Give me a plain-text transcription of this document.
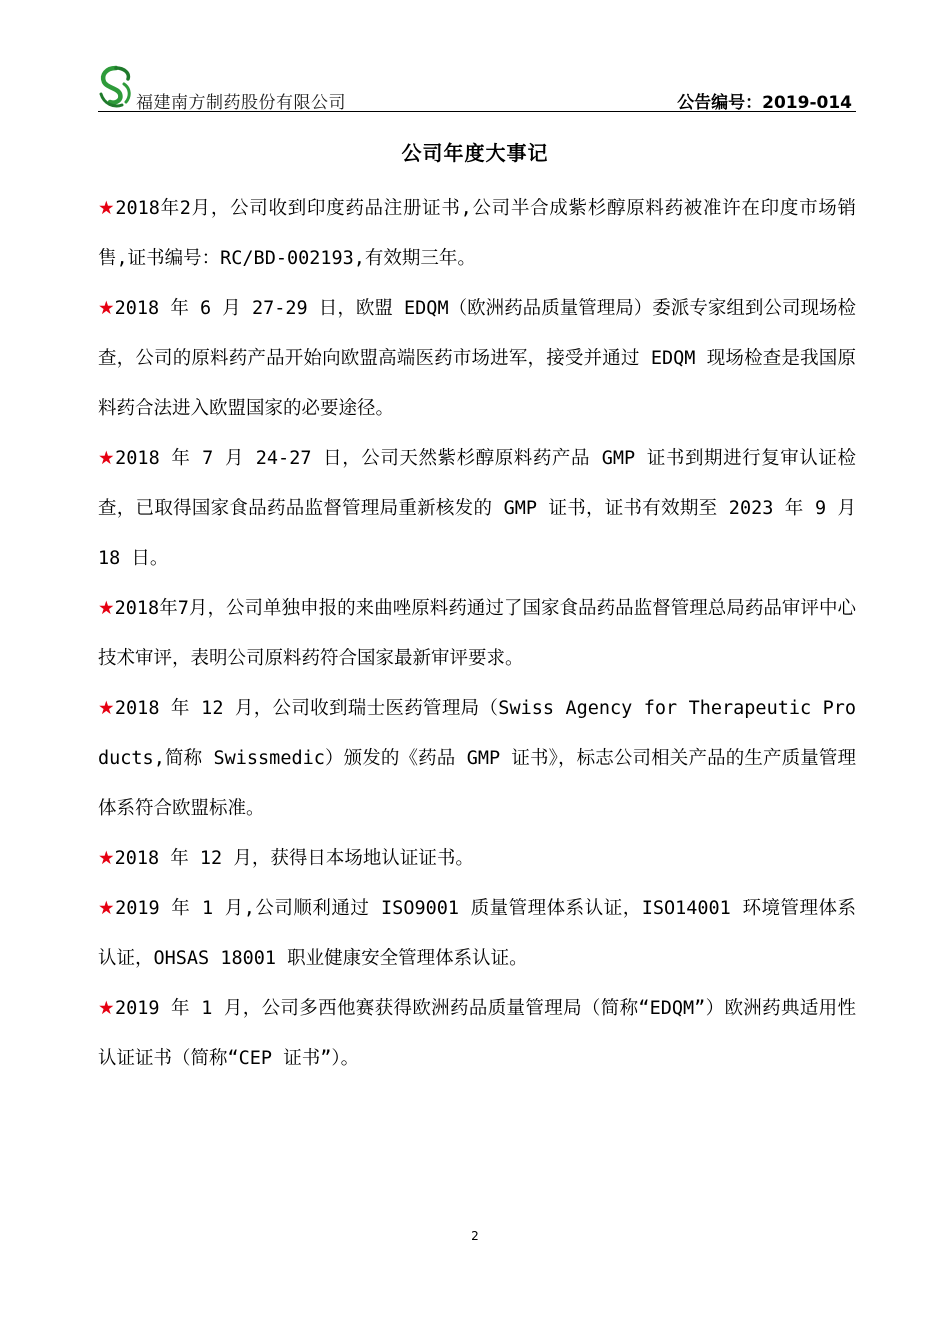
福建南方制药股份有限公司	公告编号：2019-014
公司年度大事记

★2018年2月，公司收到印度药品注册证书,公司半合成紫杉醇原料药被准许在印度市场销售,证书编号：RC/BD-002193,有效期三年。

★2018 年 6 月 27-29 日，欧盟 EDQM（欧洲药品质量管理局）委派专家组到公司现场检查，公司的原料药产品开始向欧盟高端医药市场进军，接受并通过 EDQM 现场检查是我国原料药合法进入欧盟国家的必要途径。

★2018 年 7 月 24-27 日，公司天然紫杉醇原料药产品 GMP 证书到期进行复审认证检查，已取得国家食品药品监督管理局重新核发的 GMP 证书，证书有效期至 2023 年 9 月 18 日。

★2018年7月，公司单独申报的来曲唑原料药通过了国家食品药品监督管理总局药品审评中心技术审评，表明公司原料药符合国家最新审评要求。

★2018 年 12 月，公司收到瑞士医药管理局（Swiss Agency for Therapeutic Products,简称 Swissmedic）颁发的《药品 GMP 证书》，标志公司相关产品的生产质量管理体系符合欧盟标准。

★2018 年 12 月，获得日本场地认证证书。

★2019 年 1 月,公司顺利通过 ISO9001 质量管理体系认证，ISO14001 环境管理体系认证，OHSAS 18001 职业健康安全管理体系认证。

★2019 年 1 月，公司多西他赛获得欧洲药品质量管理局（简称“EDQM”）欧洲药典适用性认证证书（简称“CEP 证书”）。

2
